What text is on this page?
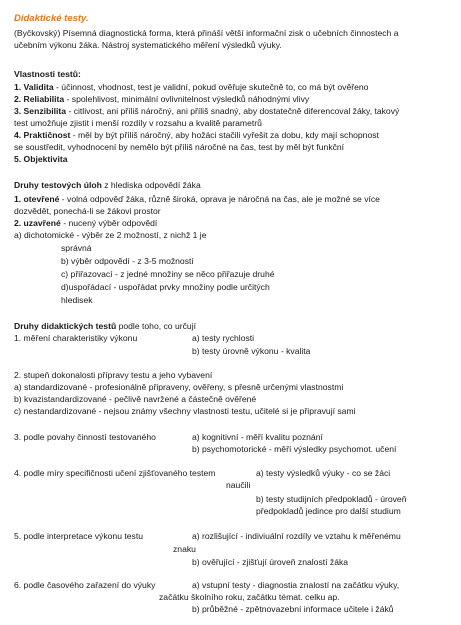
Didaktické testy.
(Byčkovský) Písemná diagnostická forma, která přináší větší informační zisk o učebních činnostech a
učebním výkonu žáka. Nástroj systematického měření výsledků výuky.
Vlastnosti testů:
1. Validita - účinnost, vhodnost, test je validní, pokud ověřuje skutečně to, co má být ověřeno
2. Reliabilita - spolehlivost, minimální ovlivnitelnost výsledků náhodnými vlivy
3. Senzibilita - citlivost, ani příliš náročný, ani příliš snadný, aby dostatečně diferencoval žáky, takový
test umožňuje zjistit i menší rozdíly v rozsahu a kvalitě parametrů
4. Praktičnost - měl by být příliš náročný, aby hožáci stačili vyřešit za dobu, kdy mají schopnost
se soustředit, vyhodnocení by nemělo být příliš náročné na čas, test by měl být funkční
5. Objektivita
Druhy testových úloh z hlediska odpovědí žáka
1. otevřené - volná odpověď žáka, různě široká, oprava je náročná na čas, ale je možné se více
dozvědět, ponechá-li se žákovi prostor
2. uzavřené - nucený výběr odpovědí
a) dichotomické - výběr ze 2 možností, z nichž 1 je
správná
b) výběr odpovědí - z 3-5 možností
c) přiřazovací - z jedné množiny se něco přiřazuje druhé
d)uspořádací - uspořádat prvky množiny podle určitých
hledisek
Druhy didaktických testů podle toho, co určují
1. měření charakteristiky výkonu	a) testy rychlosti
b) testy úrovně výkonu - kvalita
2. stupeň dokonalosti přípravy testu a jeho vybavení
a) standardizované - profesionálně připraveny, ověřeny, s přesně určenými vlastnostmi
b) kvazistandardizované - pečlivě navržené a částečně ověřené
c) nestandardizované - nejsou známy všechny vlastnosti testu, učitelé si je připravují sami
3. podle povahy činností testovaného	a) kognitivní - měří kvalitu poznání
b) psychomotorické - měří výsledky psychomot. učení
4. podle míry specifičnosti učení zjišťovaného testem	a) testy výsledků výuky - co se žáci
naučili
b) testy studijních předpokladů - úroveň
předpokladů jedince pro další studium
5. podle interpretace výkonu testu	a) rozlišující - indiviuální rozdíly ve vztahu k měřenému
znaku
b) ověřující - zjišťují úroveň znalostí žáka
6. podle časového zařazení do výuky	a) vstupní testy - diagnostia znalostí na začátku výuky,
začátku školního roku, začátku témat. celku ap.
b) průběžné - zpětnovazební informace učitele i žáků
